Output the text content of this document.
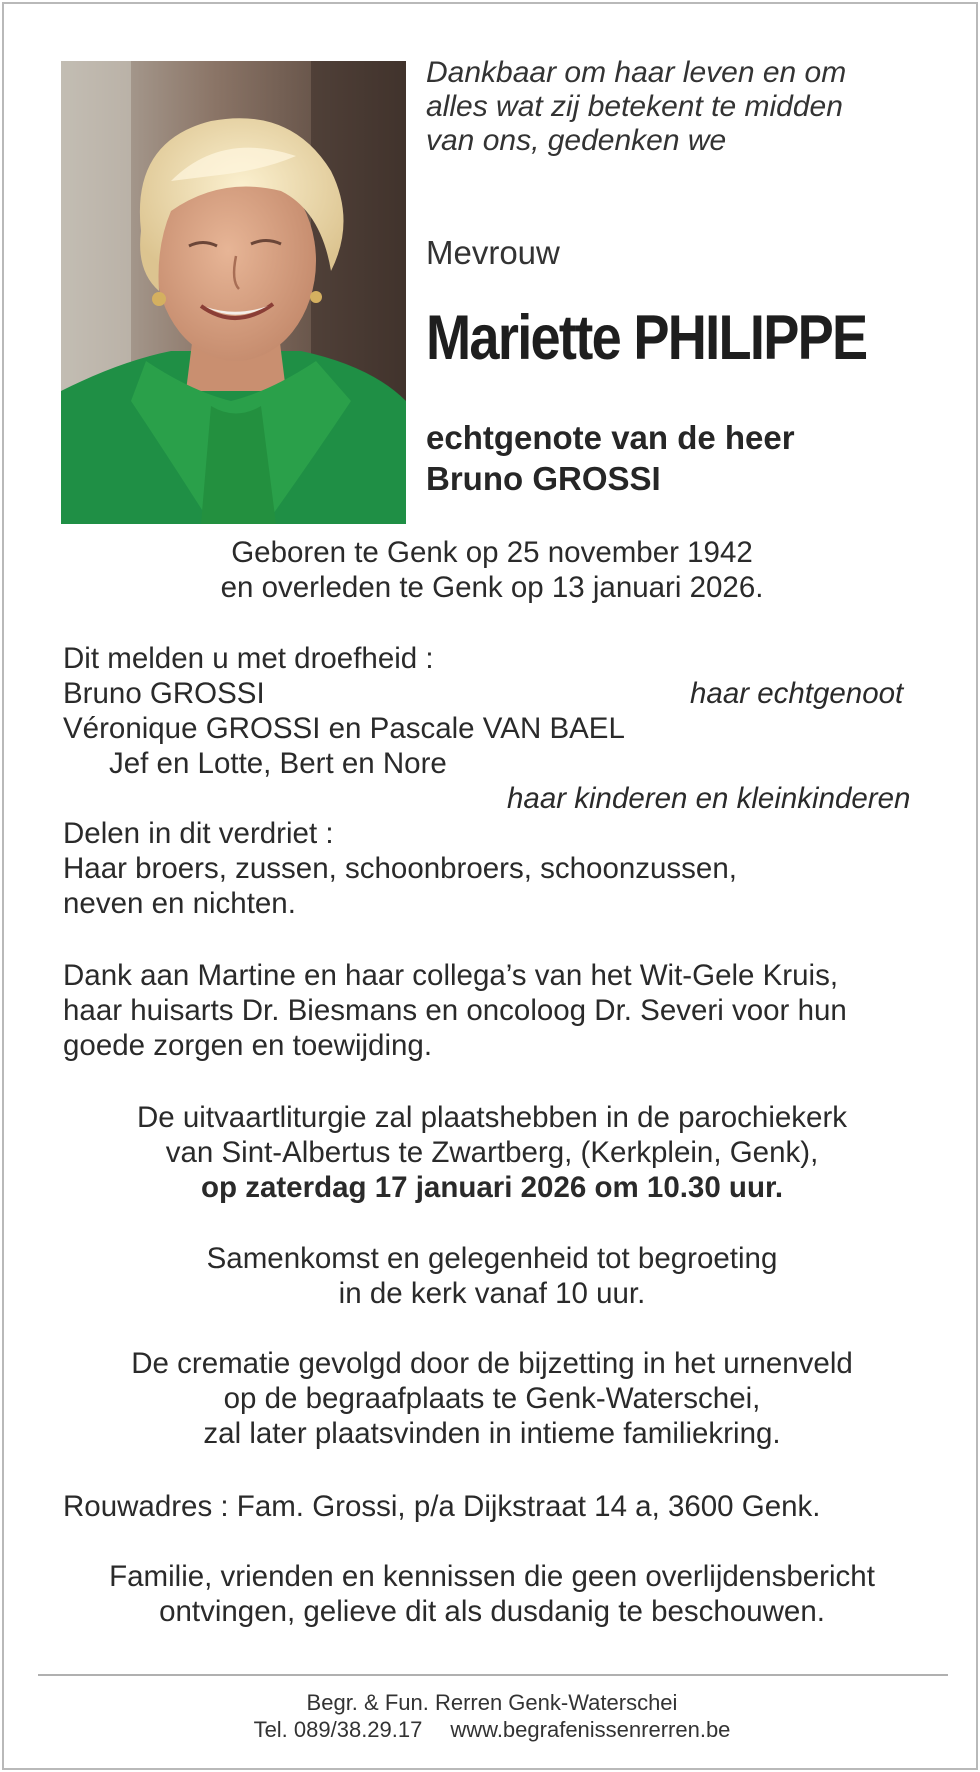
Dankbaar om haar leven en om
alles wat zij betekent te midden
van ons, gedenken we
Mevrouw
Mariette PHILIPPE
echtgenote van de heer
Bruno GROSSI
Geboren te Genk op 25 november 1942
en overleden te Genk op 13 januari 2026.
Dit melden u met droefheid :
Bruno GROSSI	haar echtgenoot
Véronique GROSSI en Pascale VAN BAEL
Jef en Lotte, Bert en Nore
haar kinderen en kleinkinderen
Delen in dit verdriet :
Haar broers, zussen, schoonbroers, schoonzussen,
neven en nichten.
Dank aan Martine en haar collega’s van het Wit-Gele Kruis,
haar huisarts Dr. Biesmans en oncoloog Dr. Severi voor hun
goede zorgen en toewijding.
De uitvaartliturgie zal plaatshebben in de parochiekerk
van Sint-Albertus te Zwartberg, (Kerkplein, Genk),
op zaterdag 17 januari 2026 om 10.30 uur.
Samenkomst en gelegenheid tot begroeting
in de kerk vanaf 10 uur.
De crematie gevolgd door de bijzetting in het urnenveld
op de begraafplaats te Genk-Waterschei,
zal later plaatsvinden in intieme familiekring.
Rouwadres : Fam. Grossi, p/a Dijkstraat 14 a, 3600 Genk.
Familie, vrienden en kennissen die geen overlijdensbericht
ontvingen, gelieve dit als dusdanig te beschouwen.
Begr. & Fun. Rerren Genk-Waterschei
Tel. 089/38.29.17 www.begrafenissenrerren.be
